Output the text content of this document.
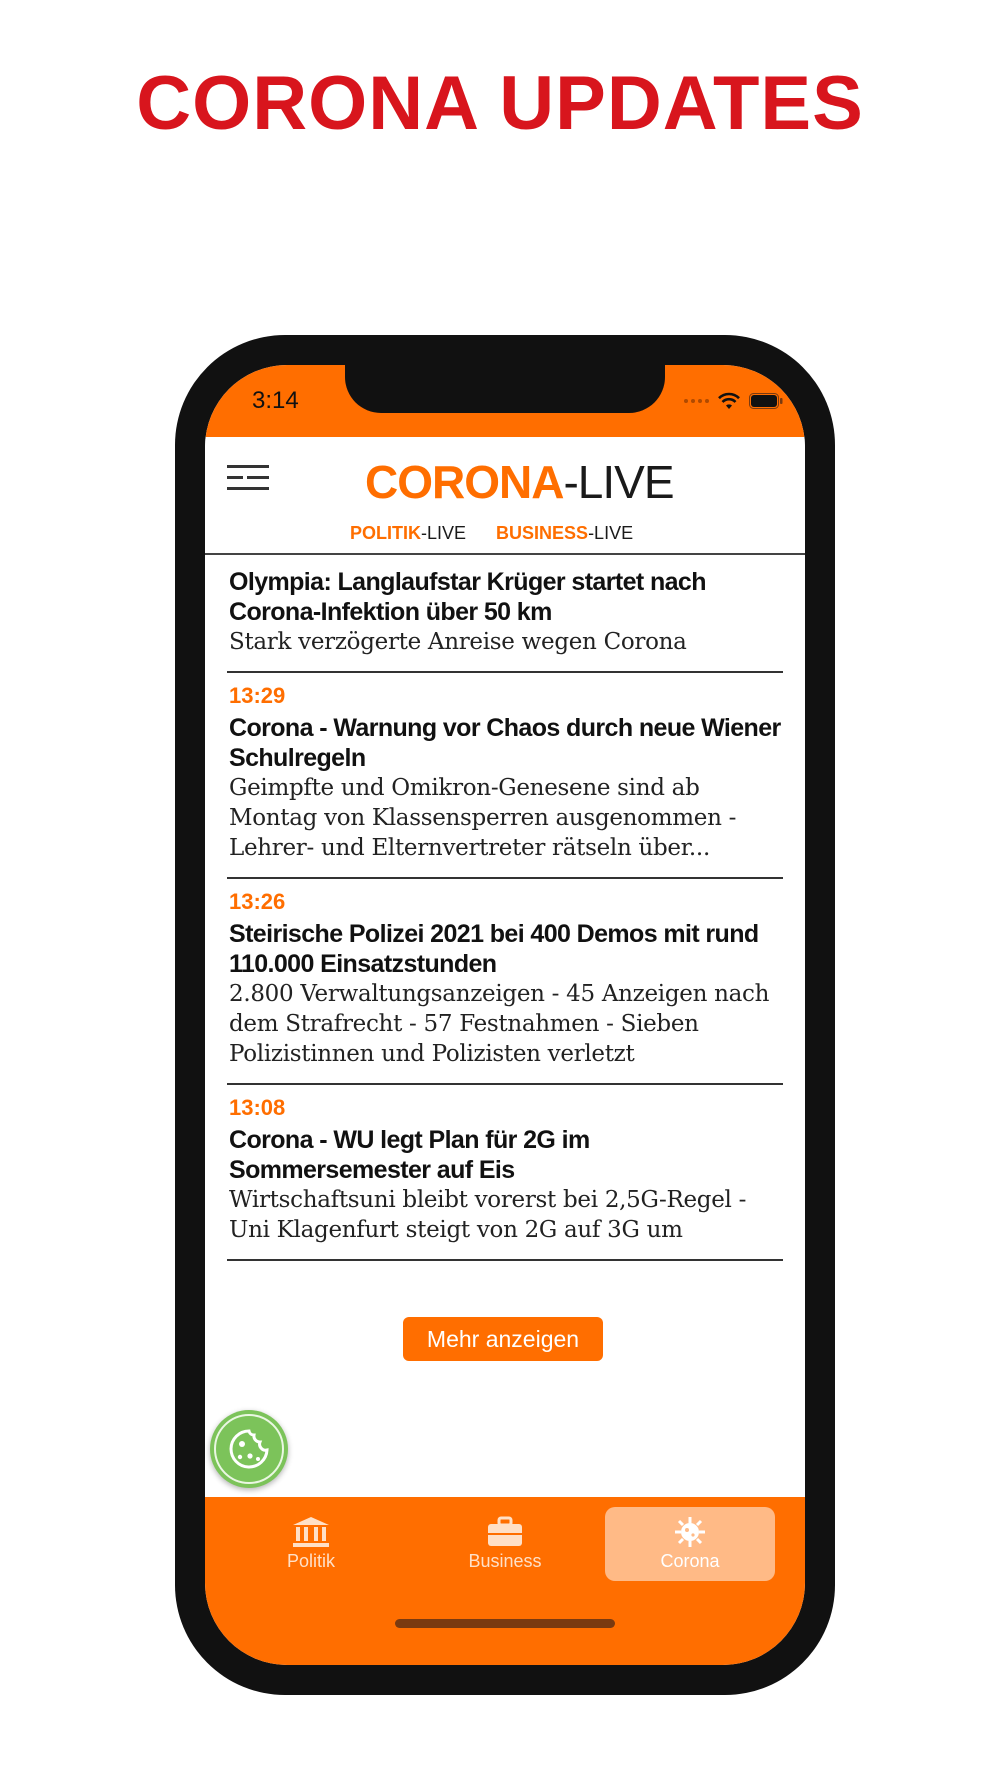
CORONA UPDATES
3:14
CORONA-LIVE
POLITIK-LIVE BUSINESS-LIVE
Olympia: Langlaufstar Krüger startet nach Corona-Infektion über 50 km
Stark verzögerte Anreise wegen Corona
13:29
Corona - Warnung vor Chaos durch neue Wiener Schulregeln
Geimpfte und Omikron-Genesene sind ab Montag von Klassensperren ausgenommen - Lehrer- und Elternvertreter rätseln über...
13:26
Steirische Polizei 2021 bei 400 Demos mit rund 110.000 Einsatzstunden
2.800 Verwaltungsanzeigen - 45 Anzeigen nach dem Strafrecht - 57 Festnahmen - Sieben Polizistinnen und Polizisten verletzt
13:08
Corona - WU legt Plan für 2G im Sommersemester auf Eis
Wirtschaftsuni bleibt vorerst bei 2,5G-Regel - Uni Klagenfurt steigt von 2G auf 3G um
Mehr anzeigen
Politik	Business	Corona
